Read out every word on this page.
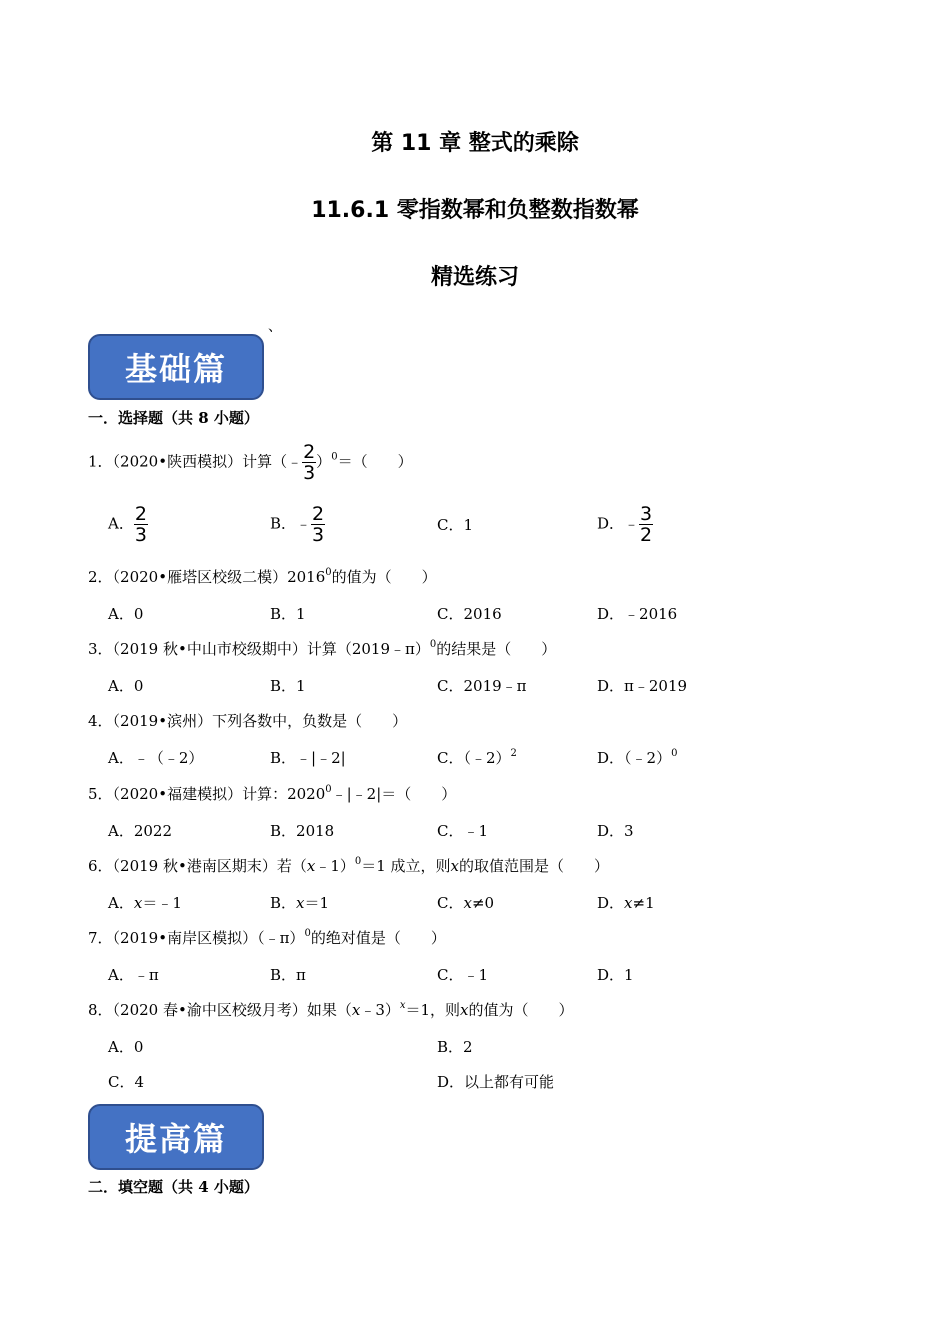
第 11 章 整式的乘除
11.6.1 零指数幂和负整数指数幂
精选练习
、
基础篇
一．选择题（共 8 小题）
1．（2020•陕西模拟）计算（﹣ $\frac{2}{3} )^0=$（　　）
A． $\frac{2}{3}$	B．﹣ $\frac{2}{3}$	C．1	D．﹣ $\frac{3}{2}$
2．（2020•雁塔区校级二模）2016$^0$的值为（　　）
A．0	B．1	C．2016	D．﹣2016
3．（2019 秋•中山市校级期中）计算（2019﹣π）$^0$的结果是（　　）
A．0	B．1	C．2019﹣π	D．π﹣2019
4．（2019•滨州）下列各数中，负数是（　　）
A．﹣（﹣2）	B．﹣|﹣2|	C．（﹣2）$^2$	D．（﹣2）$^0$
5．（2020•福建模拟）计算：$2020^0﹣|﹣2|=$（　　）
A．2022	B．2018	C．﹣1	D．3
6．（2019 秋•港南区期末）若（x﹣1）$^0$＝1 成立，则x的取值范围是（　　）
A．x＝﹣1	B．x＝1	C．x≠0	D．x≠1
7．（2019•南岸区模拟）（﹣π）$^0$的绝对值是（　　）
A．﹣π	B．π	C．﹣1	D．1
8．（2020 春•渝中区校级月考）如果（x﹣3）$^x$＝1，则x的值为（　　）
A．0	B．2
C．4	D．以上都有可能
提高篇
二．填空题（共 4 小题）
